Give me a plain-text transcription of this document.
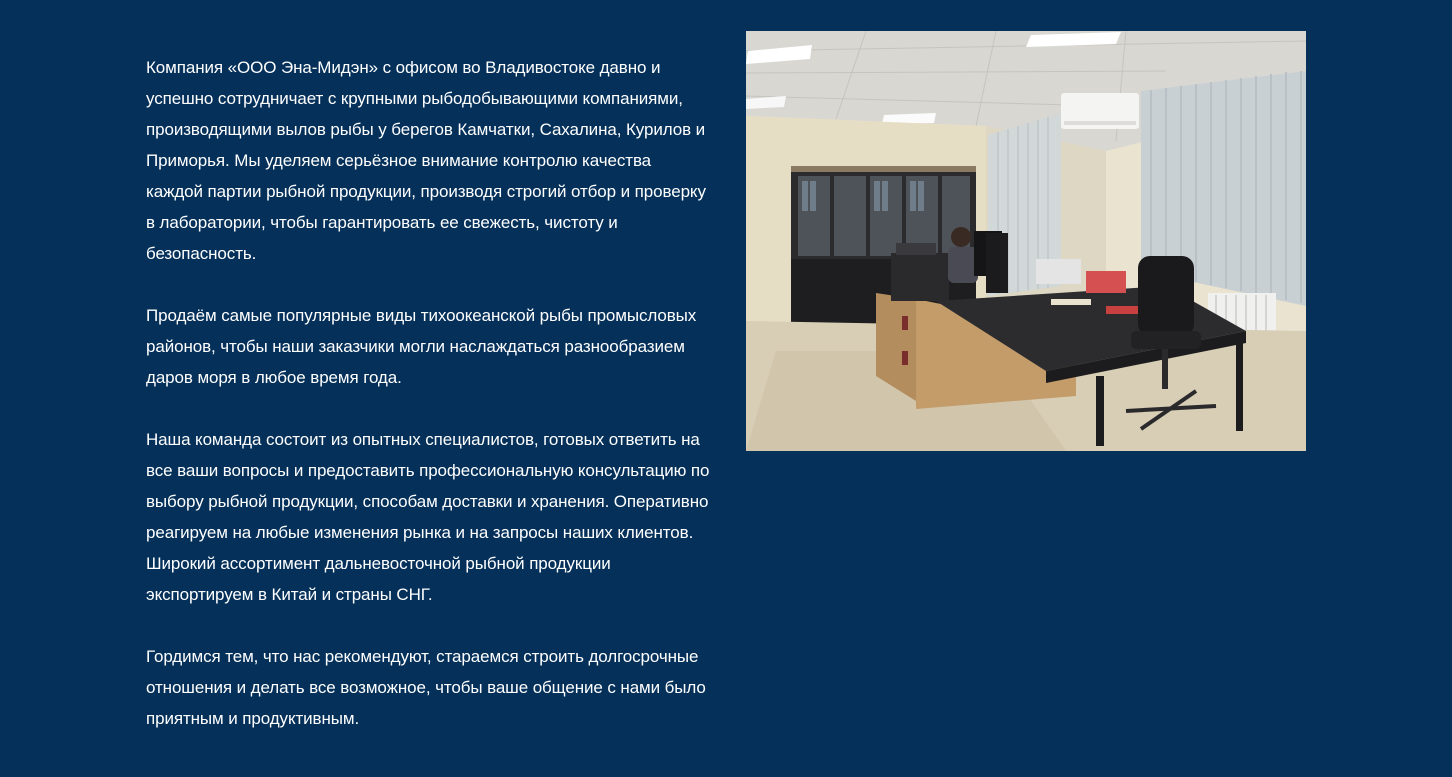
Компания «ООО Эна-Мидэн» с офисом во Владивостоке давно и успешно сотрудничает с крупными рыбодобывающими компаниями, производящими вылов рыбы у берегов Камчатки, Сахалина, Курилов и Приморья. Мы уделяем серьёзное внимание контролю качества каждой партии рыбной продукции, производя строгий отбор и проверку в лаборатории, чтобы гарантировать ее свежесть, чистоту и безопасность.

Продаём самые популярные виды тихоокеанской рыбы промысловых районов, чтобы наши заказчики могли наслаждаться разнообразием даров моря в любое время года.

Наша команда состоит из опытных специалистов, готовых ответить на все ваши вопросы и предоставить профессиональную консультацию по выбору рыбной продукции, способам доставки и хранения. Оперативно реагируем на любые изменения рынка и на запросы наших клиентов.

Широкий ассортимент дальневосточной рыбной продукции экспортируем в Китай и страны СНГ.

Гордимся тем, что нас рекомендуют, стараемся строить долгосрочные отношения и делать все возможное, чтобы ваше общение с нами было приятным и продуктивным.
